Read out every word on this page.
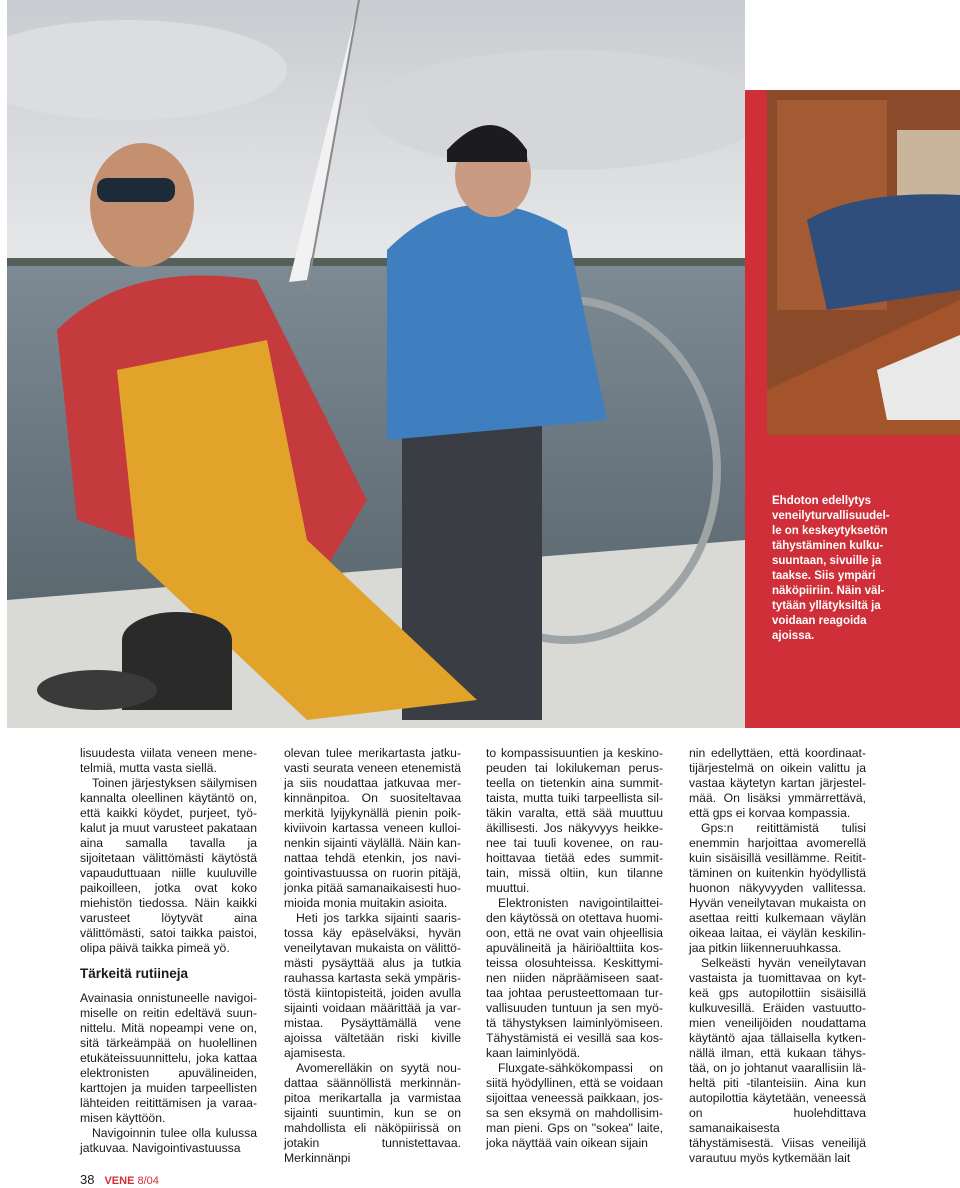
Ehdoton edellytys

veneilyturvallisuudel-

le on keskeytyksetön

tähystäminen kulku-

suuntaan, sivuille ja

taakse. Siis ympäri

näköpiiriin. Näin väl-

tytään yllätyksiltä ja

voidaan reagoida

ajoissa.

lisuudesta viilata veneen menetelmiä, mutta vasta siellä.

Toinen järjestyksen säilymisen kannalta oleellinen käytäntö on, että kaikki köydet, purjeet, työkalut ja muut varusteet pakataan aina samalla tavalla ja sijoitetaan välittömästi käytöstä vapauduttuaan niille kuuluville paikoilleen, jotka ovat koko miehistön tiedossa. Näin kaikki varusteet löytyvät aina välittömästi, satoi taikka paistoi, olipa päivä taikka pimeä yö.

Tärkeitä rutiineja

Avainasia onnistuneelle navigoimiselle on reitin edeltävä suunnittelu. Mitä nopeampi vene on, sitä tärkeämpää on huolellinen etukäteissuunnittelu, joka kattaa elektronisten apuvälineiden, karttojen ja muiden tarpeellisten lähteiden reitittämisen ja varaamisen käyttöön.

Navigoinnin tulee olla kulussa jatkuvaa. Navigointivastuussa

olevan tulee merikartasta jatkuvasti seurata veneen etenemistä ja siis noudattaa jatkuvaa merkinnänpitoa. On suositeltavaa merkitä lyijykynällä pienin poikkiviivoin kartassa veneen kulloinenkin sijainti väylällä. Näin kannattaa tehdä etenkin, jos navigointivastuussa on ruorin pitäjä, jonka pitää samanaikaisesti huomioida monia muitakin asioita.

Heti jos tarkka sijainti saaristossa käy epäselväksi, hyvän veneilytavan mukaista on välittömästi pysäyttää alus ja tutkia rauhassa kartasta sekä ympäristöstä kiintopisteitä, joiden avulla sijainti voidaan määrittää ja varmistaa. Pysäyttämällä vene ajoissa vältetään riski kiville ajamisesta.

Avomerelläkin on syytä noudattaa säännöllistä merkinnänpitoa merikartalla ja varmistaa sijainti suuntimin, kun se on mahdollista eli näköpiirissä on jotakin tunnistettavaa. Merkinnänpi

to kompassisuuntien ja keskinopeuden tai lokilukeman perusteella on tietenkin aina summittaista, mutta tuiki tarpeellista siltäkin varalta, että sää muuttuu äkillisesti. Jos näkyvyys heikkenee tai tuuli kovenee, on rauhoittavaa tietää edes summittain, missä oltiin, kun tilanne muuttui.

Elektronisten navigointilaitteiden käytössä on otettava huomioon, että ne ovat vain ohjeellisia apuvälineitä ja häiriöalttiita kosteissa olosuhteissa. Keskittyminen niiden näpräämiseen saattaa johtaa perusteettomaan turvallisuuden tuntuun ja sen myötä tähystyksen laiminlyömiseen. Tähystämistä ei vesillä saa koskaan laiminlyödä.

Fluxgate-sähkökompassi on siitä hyödyllinen, että se voidaan sijoittaa veneessä paikkaan, jossa sen eksymä on mahdollisimman pieni. Gps on "sokea" laite, joka näyttää vain oikean sijain

nin edellyttäen, että koordinaattijärjestelmä on oikein valittu ja vastaa käytetyn kartan järjestelmää. On lisäksi ymmärrettävä, että gps ei korvaa kompassia.

Gps:n reitittämistä tulisi enemmin harjoittaa avomerellä kuin sisäisillä vesillämme. Reitittäminen on kuitenkin hyödyllistä huonon näkyvyyden vallitessa. Hyvän veneilytavan mukaista on asettaa reitti kulkemaan väylän oikeaa laitaa, ei väylän keskilinjaa pitkin liikenneruuhkassa.

Selkeästi hyvän veneilytavan vastaista ja tuomittavaa on kytkeä gps autopilottiin sisäisillä kulkuvesillä. Eräiden vastuuttomien veneilijöiden noudattama käytäntö ajaa tällaisella kytkennällä ilman, että kukaan tähystää, on jo johtanut vaarallisiin läheltä piti -tilanteisiin. Aina kun autopilottia käytetään, veneessä on huolehdittava samanaikaisesta tähystämisestä. Viisas veneilijä varautuu myös kytkemään lait

38 VENE 8/04
